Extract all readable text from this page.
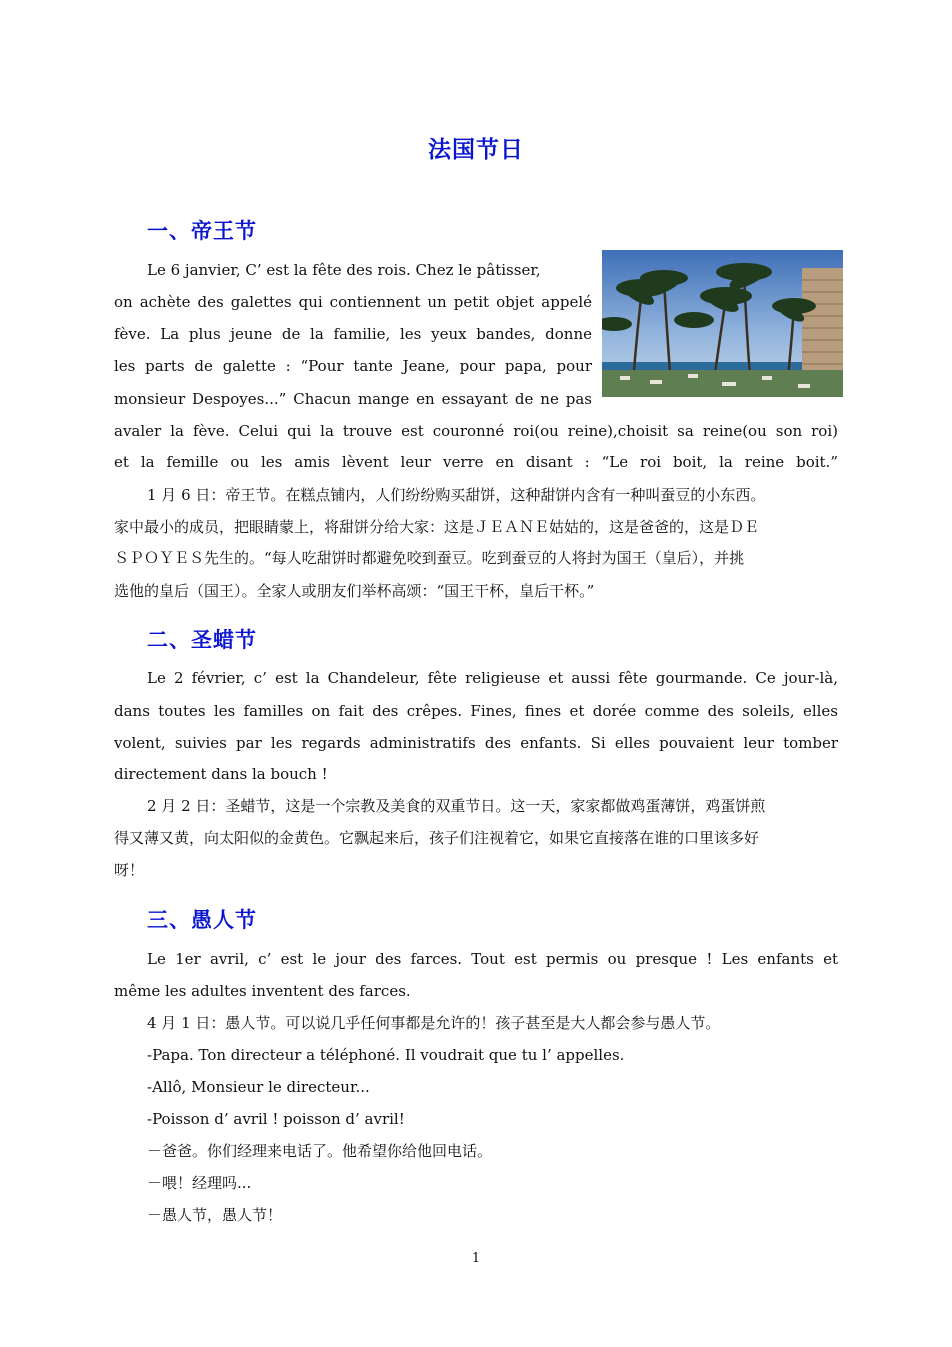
法国节日
一、帝王节
Le 6 janvier, C’ est la fête des rois. Chez le pâtisser,
on achète des galettes qui contiennent un petit objet appelé
fève. La plus jeune de la familie, les yeux bandes, donne
les parts de galette : “Pour tante Jeane, pour papa, pour
monsieur Despoyes...” Chacun mange en essayant de ne pas
avaler la fève. Celui qui la trouve est couronné roi(ou reine),choisit sa reine(ou son roi)
et la femille ou les amis lèvent leur verre en disant : “Le roi boit, la reine boit.”
1 月 6 日：帝王节。在糕点铺内，人们纷纷购买甜饼，这种甜饼内含有一种叫蚕豆的小东西。
家中最小的成员，把眼睛蒙上，将甜饼分给大家：这是ＪＥＡＮＥ姑姑的，这是爸爸的，这是ＤＥ
ＳＰＯＹＥＳ先生的。“每人吃甜饼时都避免咬到蚕豆。吃到蚕豆的人将封为国王（皇后），并挑
选他的皇后（国王）。全家人或朋友们举杯高颂：“国王干杯，皇后干杯。”
二、圣蜡节
Le 2 février, c’ est la Chandeleur, fête religieuse et aussi fête gourmande. Ce jour-là,
dans toutes les familles on fait des crêpes. Fines, fines et dorée comme des soleils, elles
volent, suivies par les regards administratifs des enfants. Si elles pouvaient leur tomber
directement dans la bouch !
2 月 2 日：圣蜡节，这是一个宗教及美食的双重节日。这一天，家家都做鸡蛋薄饼，鸡蛋饼煎
得又薄又黄，向太阳似的金黄色。它飘起来后，孩子们注视着它，如果它直接落在谁的口里该多好
呀！
三、愚人节
Le 1er avril, c’ est le jour des farces. Tout est permis ou presque ! Les enfants et
même les adultes inventent des farces.
4 月 1 日：愚人节。可以说几乎任何事都是允许的！孩子甚至是大人都会参与愚人节。
-Papa. Ton directeur a téléphoné. Il voudrait que tu l’ appelles.
-Allô, Monsieur le directeur...
-Poisson d’ avril ! poisson d’ avril!
－爸爸。你们经理来电话了。他希望你给他回电话。
－喂！经理吗...
－愚人节，愚人节！
1
